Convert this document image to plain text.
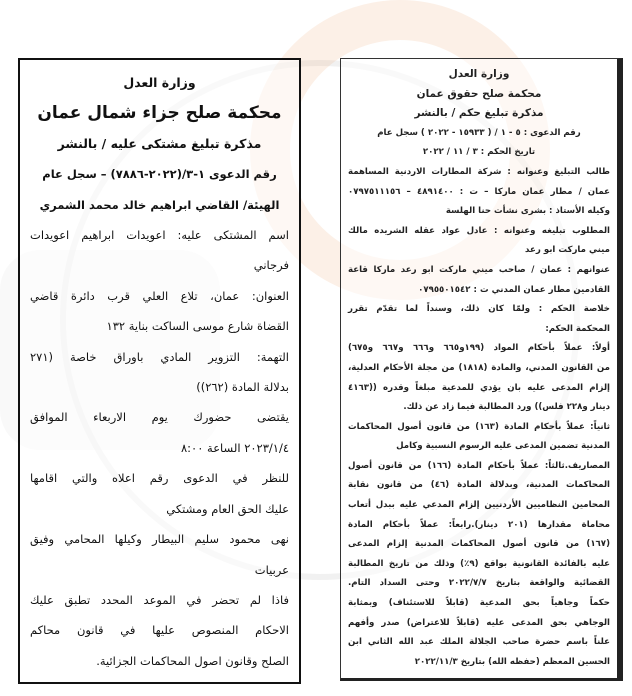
وزارة العدل
محكمة صلح جزاء شمال عمان
مذكرة تبليغ مشتكى عليه / بالنشر
رقم الدعوى ١-٣/(٢٠٢٢-٧٨٨٦) – سجل عام
الهيئة/ القاضي ابراهيم خالد محمد الشمري
اسم المشتكى عليه: اعويدات ابراهيم اعويدات
فرجاني
العنوان: عمان، تلاع العلي قرب دائرة قاضي
القضاة شارع موسى الساكت بناية ١٣٢
التهمة: التزوير المادي باوراق خاصة (٢٧١
بدلالة المادة (٢٦٢))
يقتضى حضورك يوم الاربعاء الموافق
٢٠٢٣/١/٤ الساعة ٨:٠٠
للنظر في الدعوى رقم اعلاه والتي اقامها
عليك الحق العام ومشتكي
نهى محمود سليم البيطار وكيلها المحامي وفيق
عربيات
فاذا لم تحضر في الموعد المحدد تطبق عليك
الاحكام المنصوص عليها في قانون محاكم
الصلح وقانون اصول المحاكمات الجزائية.
وزارة العدل
محكمة صلح حقوق عمان
مذكرة تبليغ حكم / بالنشر
رقم الدعوى : ٥ - ١ / ( ١٥٩٣٣ - ٢٠٢٢ ) سجل عام
تاريخ الحكم : ٣ / ١١ / ٢٠٢٢
طالب التبليغ وعنوانه : شركة المطارات الاردنية المساهمة
عمان / مطار عمان ماركا – ت : ٤٨٩١٤٠٠ – ٠٧٩٧٥١١١٥٦
وكيله الأستاذ : بشرى نشأت حنا الهلسة
المطلوب تبليغه وعنوانه : عادل عواد عقله الشريده مالك
ميني ماركت ابو رعد
عنوانهم : عمان / صاحب ميني ماركت ابو رعد ماركا قاعة
القادمين مطار عمان المدني ت : ٠٧٩٥٥٠١٥٤٢
خلاصة الحكم : ولمّا كان ذلك، وسنداً لما تقدّم تقرر
المحكمة الحكم:
أولاً: عملاً بأحكام المواد (١٩٩و٦٦٥ و٦٦٦ و٦٦٧ و٦٧٥)
من القانون المدني، والمادة (١٨١٨) من مجلة الأحكام العدلية،
إلزام المدعى عليه بان يؤدي للمدعية مبلغاً وقدره ((٤١٦٣
دينار و٢٢٨ فلس)) ورد المطالبة فيما زاد عن ذلك.
ثانياً: عملاً بأحكام المادة (١٦٣) من قانون أصول المحاكمات
المدنية تضمين المدعى عليه الرسوم النسبية وكامل
المصاريف.ثالثاً: عملاً بأحكام المادة (١٦٦) من قانون أصول
المحاكمات المدنية، وبدلالة المادة (٤٦) من قانون نقابة
المحامين النظاميين الأردنيين إلزام المدعي عليه ببدل أتعاب
محاماة مقدارها (٢٠١ دينار).رابعاً: عملاً بأحكام المادة
(١٦٧) من قانون أصول المحاكمات المدنية إلزام المدعى
عليه بالفائدة القانونية بواقع (٩٪) وذلك من تاريخ المطالبة
القضائية والواقعة بتاريخ ٢٠٢٢/٧/٧ وحتى السداد التام.
حكماً وجاهياً بحق المدعية (قابلاً للاستئناف) وبمثابة
الوجاهي بحق المدعى عليه (قابلاً للاعتراض) صدر وأفهم
علناً باسم حضرة صاحب الجلالة الملك عبد الله الثاني ابن
الحسين المعظم (حفظه الله) بتاريخ ٢٠٢٢/١١/٣
